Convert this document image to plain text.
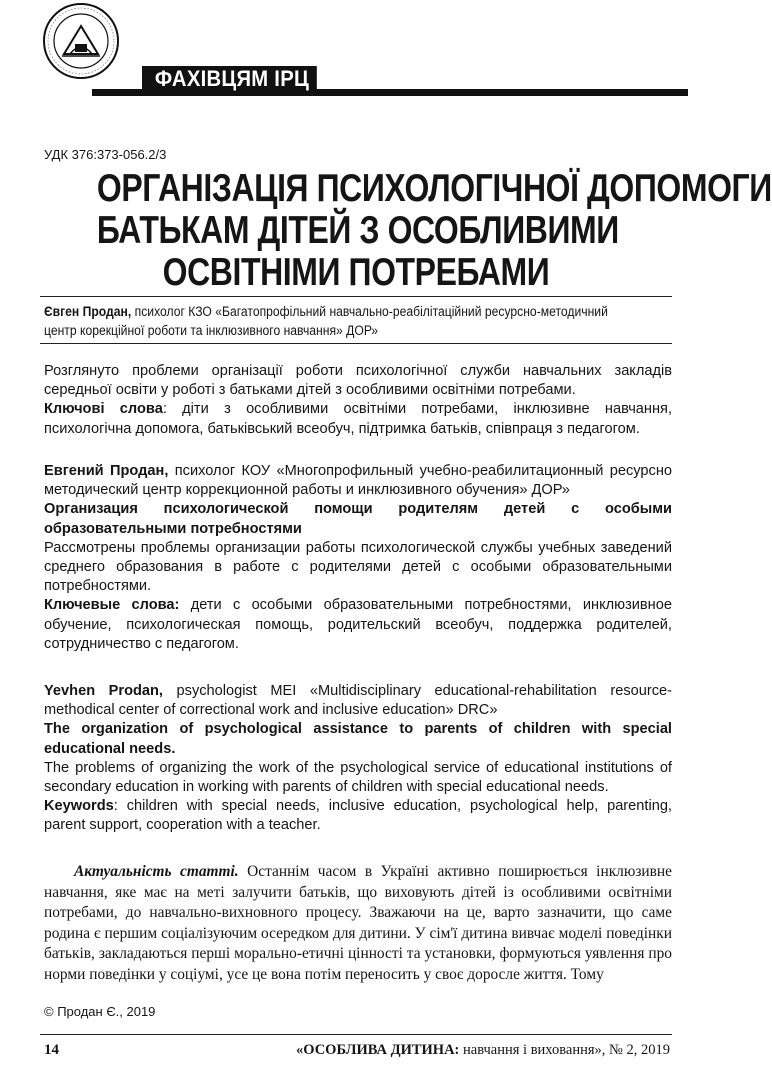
ФАХІВЦЯМ ІРЦ
УДК 376:373-056.2/3
ОРГАНІЗАЦІЯ ПСИХОЛОГІЧНОЇ ДОПОМОГИ
БАТЬКАМ ДІТЕЙ З ОСОБЛИВИМИ
ОСВІТНІМИ ПОТРЕБАМИ
Євген Продан, психолог КЗО «Багатопрофільний навчально-реабілітаційний ресурсно-методичний
центр корекційної роботи та інклюзивного навчання» ДОР»
Розглянуто проблеми організації роботи психологічної служби навчальних закладів середньої освіти у роботі з батьками дітей з особливими освітніми потребами.
Ключові слова: діти з особливими освітніми потребами, інклюзивне навчання, психологічна допомога, батьківський всеобуч, підтримка батьків, співпраця з педагогом.
Евгений Продан, психолог КОУ «Многопрофильный учебно-реабилитационный ресурсно методический центр коррекционной работы и инклюзивного обучения» ДОР»
Организация психологической помощи родителям детей с особыми образовательными потребностями
Рассмотрены проблемы организации работы психологической службы учебных заведений среднего образования в работе с родителями детей с особыми образовательными потребностями.
Ключевые слова: дети с особыми образовательными потребностями, инклюзивное обучение, психологическая помощь, родительский всеобуч, поддержка родителей, сотрудничество с педагогом.
Yevhen Prodan, psychologist MEI «Multidisciplinary educational-rehabilitation resource-methodical center of correctional work and inclusive education» DRC»
The organization of psychological assistance to parents of children with special educational needs.
The problems of organizing the work of the psychological service of educational institutions of secondary education in working with parents of children with special educational needs.
Keywords: children with special needs, inclusive education, psychological help, parenting, parent support, cooperation with a teacher.
Актуальність статті. Останнім часом в Україні активно поширюється інклюзивне навчання, яке має на меті залучити батьків, що виховують дітей із особливими освітніми потребами, до навчально-вихновного процесу. Зважаючи на це, варто зазначити, що саме родина є першим соціалізуючим осередком для дитини. У сім'ї дитина вивчає моделі поведінки батьків, закладаються перші морально-етичні цінності та установки, формуються уявлення про норми поведінки у соціумі, усе це вона потім переносить у своє доросле життя. Тому
© Продан Є., 2019
14	«ОСОБЛИВА ДИТИНА: навчання і виховання», № 2, 2019
